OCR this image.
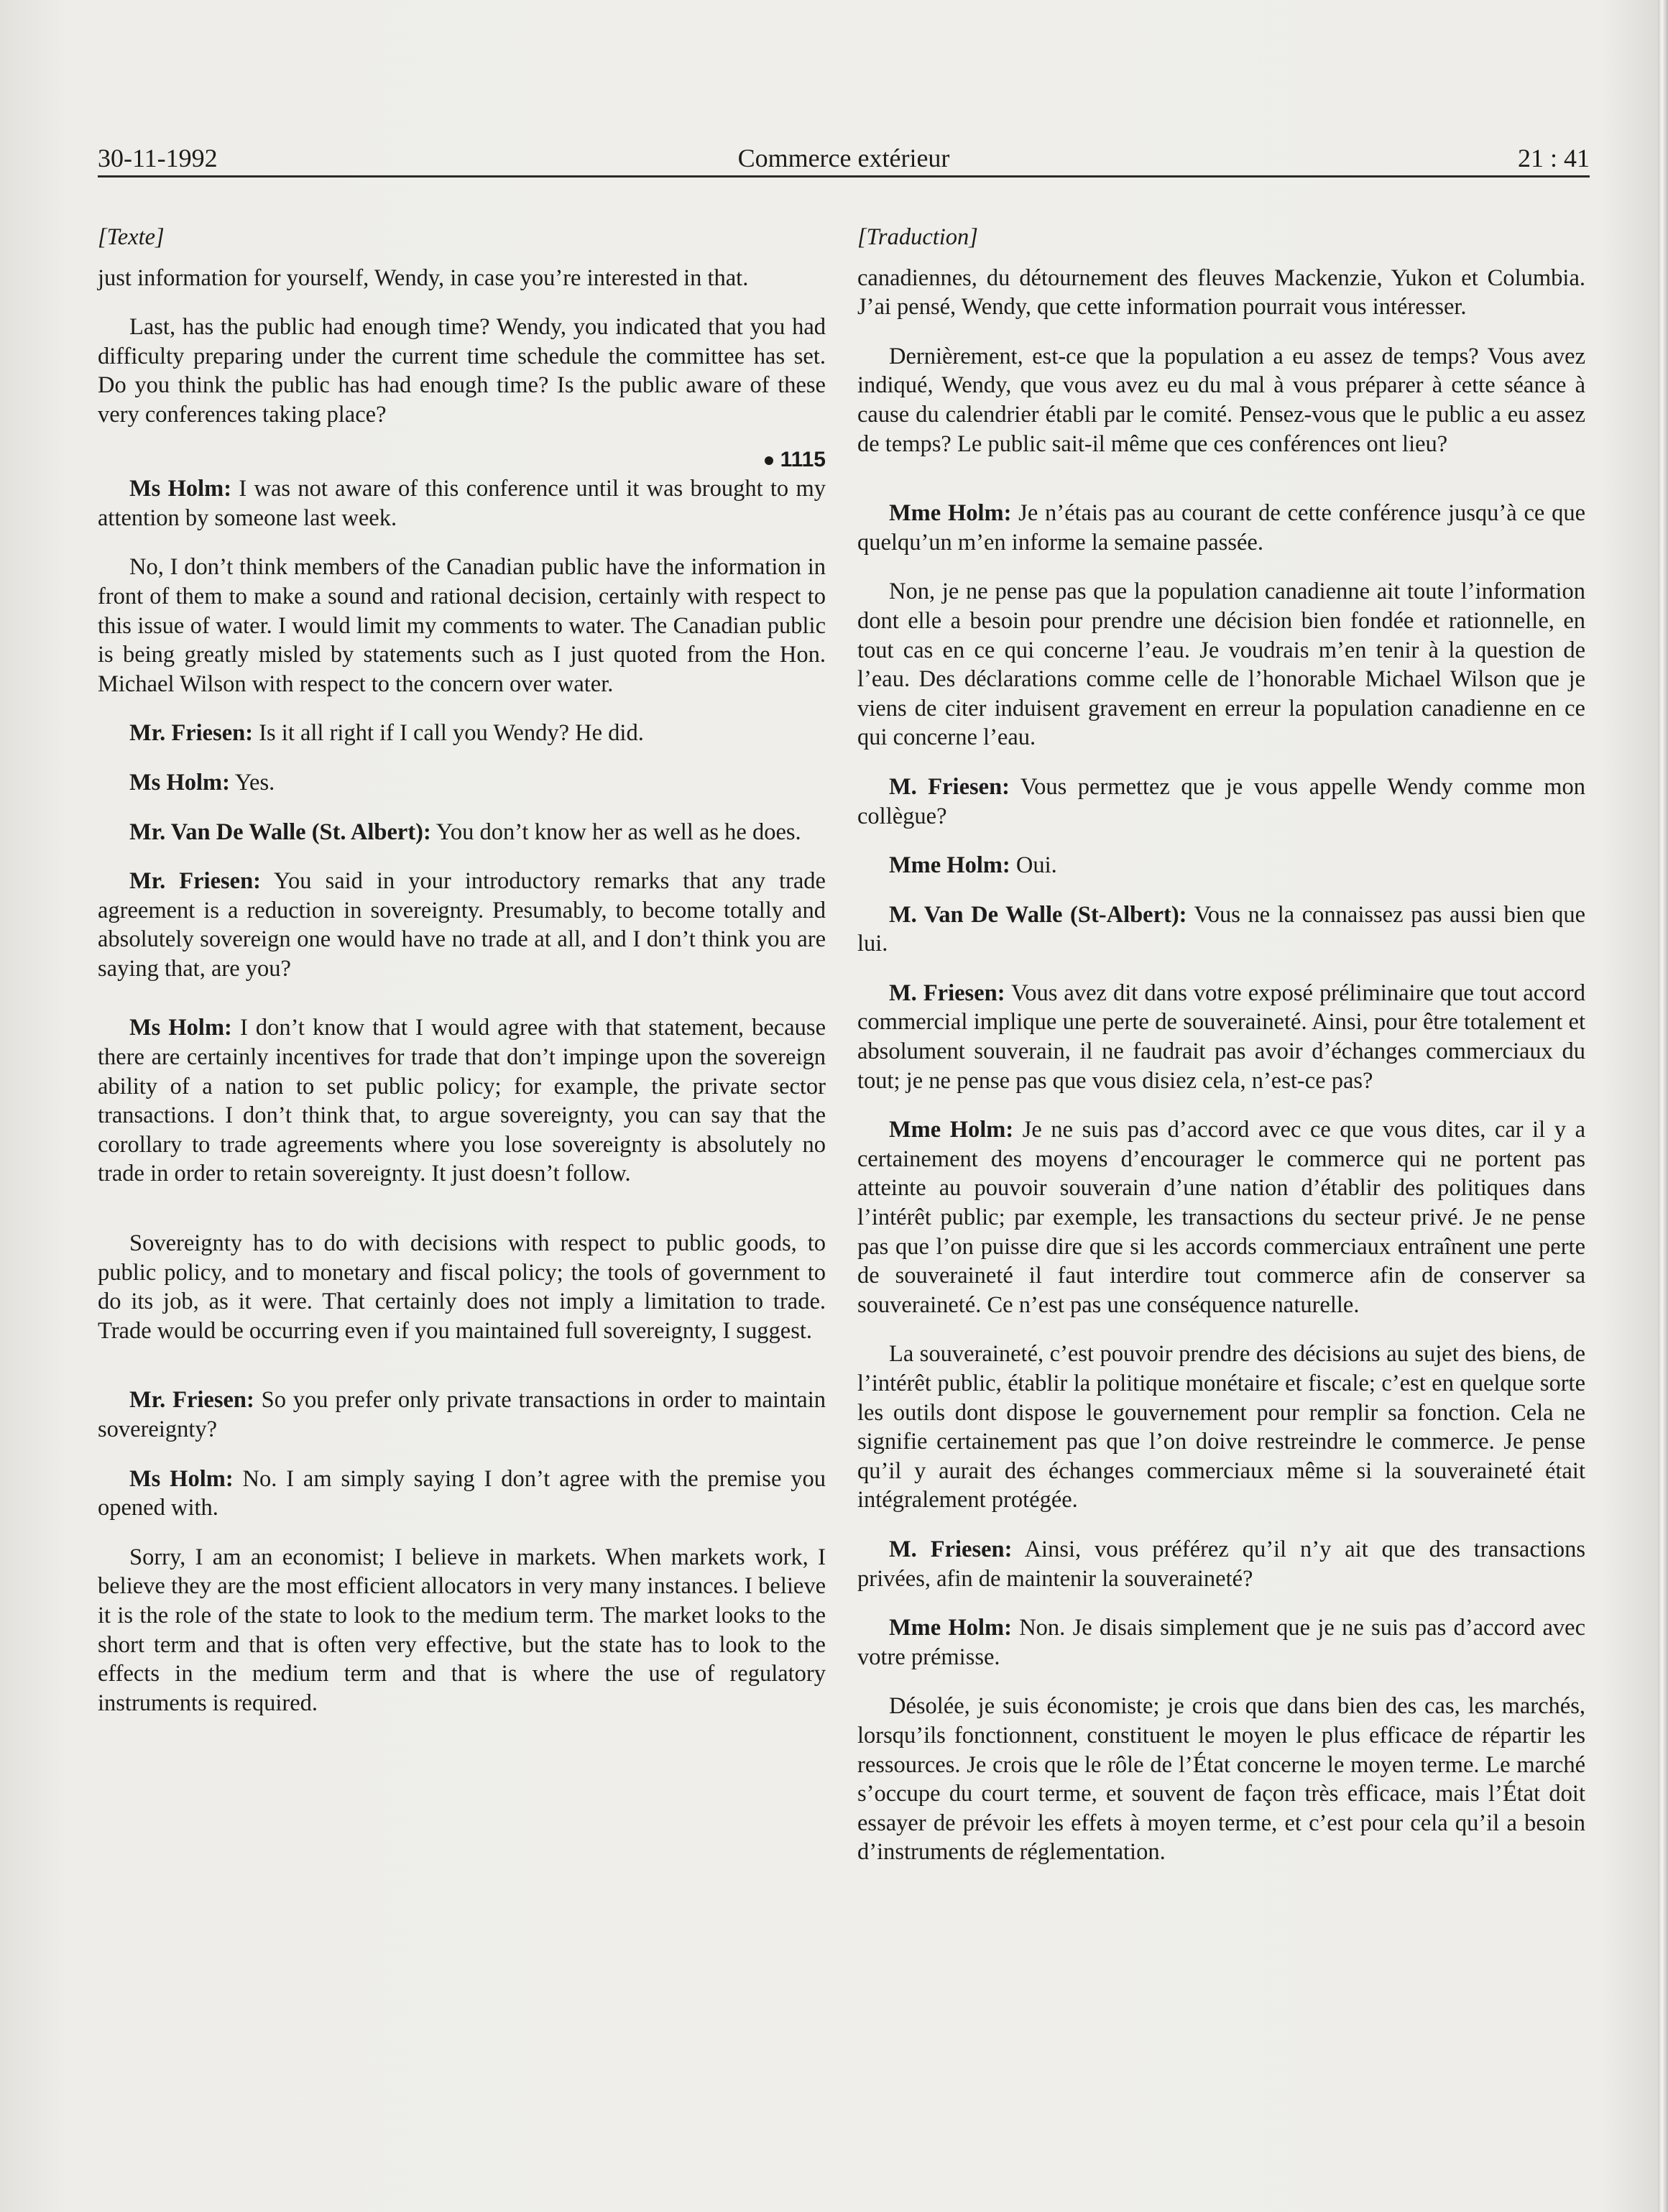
30-11-1992	Commerce extérieur	21 : 41
[Texte]

just information for yourself, Wendy, in case you’re interested in that.

Last, has the public had enough time? Wendy, you indicated that you had difficulty preparing under the current time schedule the committee has set. Do you think the public has had enough time? Is the public aware of these very conferences taking place?

1115

Ms Holm: I was not aware of this conference until it was brought to my attention by someone last week.

No, I don’t think members of the Canadian public have the information in front of them to make a sound and rational decision, certainly with respect to this issue of water. I would limit my comments to water. The Canadian public is being greatly misled by statements such as I just quoted from the Hon. Michael Wilson with respect to the concern over water.

Mr. Friesen: Is it all right if I call you Wendy? He did.

Ms Holm: Yes.

Mr. Van De Walle (St. Albert): You don’t know her as well as he does.

Mr. Friesen: You said in your introductory remarks that any trade agreement is a reduction in sovereignty. Presumably, to become totally and absolutely sovereign one would have no trade at all, and I don’t think you are saying that, are you?

Ms Holm: I don’t know that I would agree with that statement, because there are certainly incentives for trade that don’t impinge upon the sovereign ability of a nation to set public policy; for example, the private sector transactions. I don’t think that, to argue sovereignty, you can say that the corollary to trade agreements where you lose sovereignty is absolutely no trade in order to retain sovereignty. It just doesn’t follow.

Sovereignty has to do with decisions with respect to public goods, to public policy, and to monetary and fiscal policy; the tools of government to do its job, as it were. That certainly does not imply a limitation to trade. Trade would be occurring even if you maintained full sovereignty, I suggest.

Mr. Friesen: So you prefer only private transactions in order to maintain sovereignty?

Ms Holm: No. I am simply saying I don’t agree with the premise you opened with.

Sorry, I am an economist; I believe in markets. When markets work, I believe they are the most efficient allocators in very many instances. I believe it is the role of the state to look to the medium term. The market looks to the short term and that is often very effective, but the state has to look to the effects in the medium term and that is where the use of regulatory instruments is required.

[Traduction]

canadiennes, du détournement des fleuves Mackenzie, Yukon et Columbia. J’ai pensé, Wendy, que cette information pourrait vous intéresser.

Dernièrement, est-ce que la population a eu assez de temps? Vous avez indiqué, Wendy, que vous avez eu du mal à vous préparer à cette séance à cause du calendrier établi par le comité. Pensez-vous que le public a eu assez de temps? Le public sait-il même que ces conférences ont lieu?

Mme Holm: Je n’étais pas au courant de cette conférence jusqu’à ce que quelqu’un m’en informe la semaine passée.

Non, je ne pense pas que la population canadienne ait toute l’information dont elle a besoin pour prendre une décision bien fondée et rationnelle, en tout cas en ce qui concerne l’eau. Je voudrais m’en tenir à la question de l’eau. Des déclarations comme celle de l’honorable Michael Wilson que je viens de citer induisent gravement en erreur la population canadienne en ce qui concerne l’eau.

M. Friesen: Vous permettez que je vous appelle Wendy comme mon collègue?

Mme Holm: Oui.

M. Van De Walle (St-Albert): Vous ne la connaissez pas aussi bien que lui.

M. Friesen: Vous avez dit dans votre exposé préliminaire que tout accord commercial implique une perte de souveraineté. Ainsi, pour être totalement et absolument souverain, il ne faudrait pas avoir d’échanges commerciaux du tout; je ne pense pas que vous disiez cela, n’est-ce pas?

Mme Holm: Je ne suis pas d’accord avec ce que vous dites, car il y a certainement des moyens d’encourager le commerce qui ne portent pas atteinte au pouvoir souverain d’une nation d’établir des politiques dans l’intérêt public; par exemple, les transactions du secteur privé. Je ne pense pas que l’on puisse dire que si les accords commerciaux entraînent une perte de souveraineté il faut interdire tout commerce afin de conserver sa souveraineté. Ce n’est pas une conséquence naturelle.

La souveraineté, c’est pouvoir prendre des décisions au sujet des biens, de l’intérêt public, établir la politique monétaire et fiscale; c’est en quelque sorte les outils dont dispose le gouvernement pour remplir sa fonction. Cela ne signifie certainement pas que l’on doive restreindre le commerce. Je pense qu’il y aurait des échanges commerciaux même si la souveraineté était intégralement protégée.

M. Friesen: Ainsi, vous préférez qu’il n’y ait que des transactions privées, afin de maintenir la souveraineté?

Mme Holm: Non. Je disais simplement que je ne suis pas d’accord avec votre prémisse.

Désolée, je suis économiste; je crois que dans bien des cas, les marchés, lorsqu’ils fonctionnent, constituent le moyen le plus efficace de répartir les ressources. Je crois que le rôle de l’État concerne le moyen terme. Le marché s’occupe du court terme, et souvent de façon très efficace, mais l’État doit essayer de prévoir les effets à moyen terme, et c’est pour cela qu’il a besoin d’instruments de réglementation.
